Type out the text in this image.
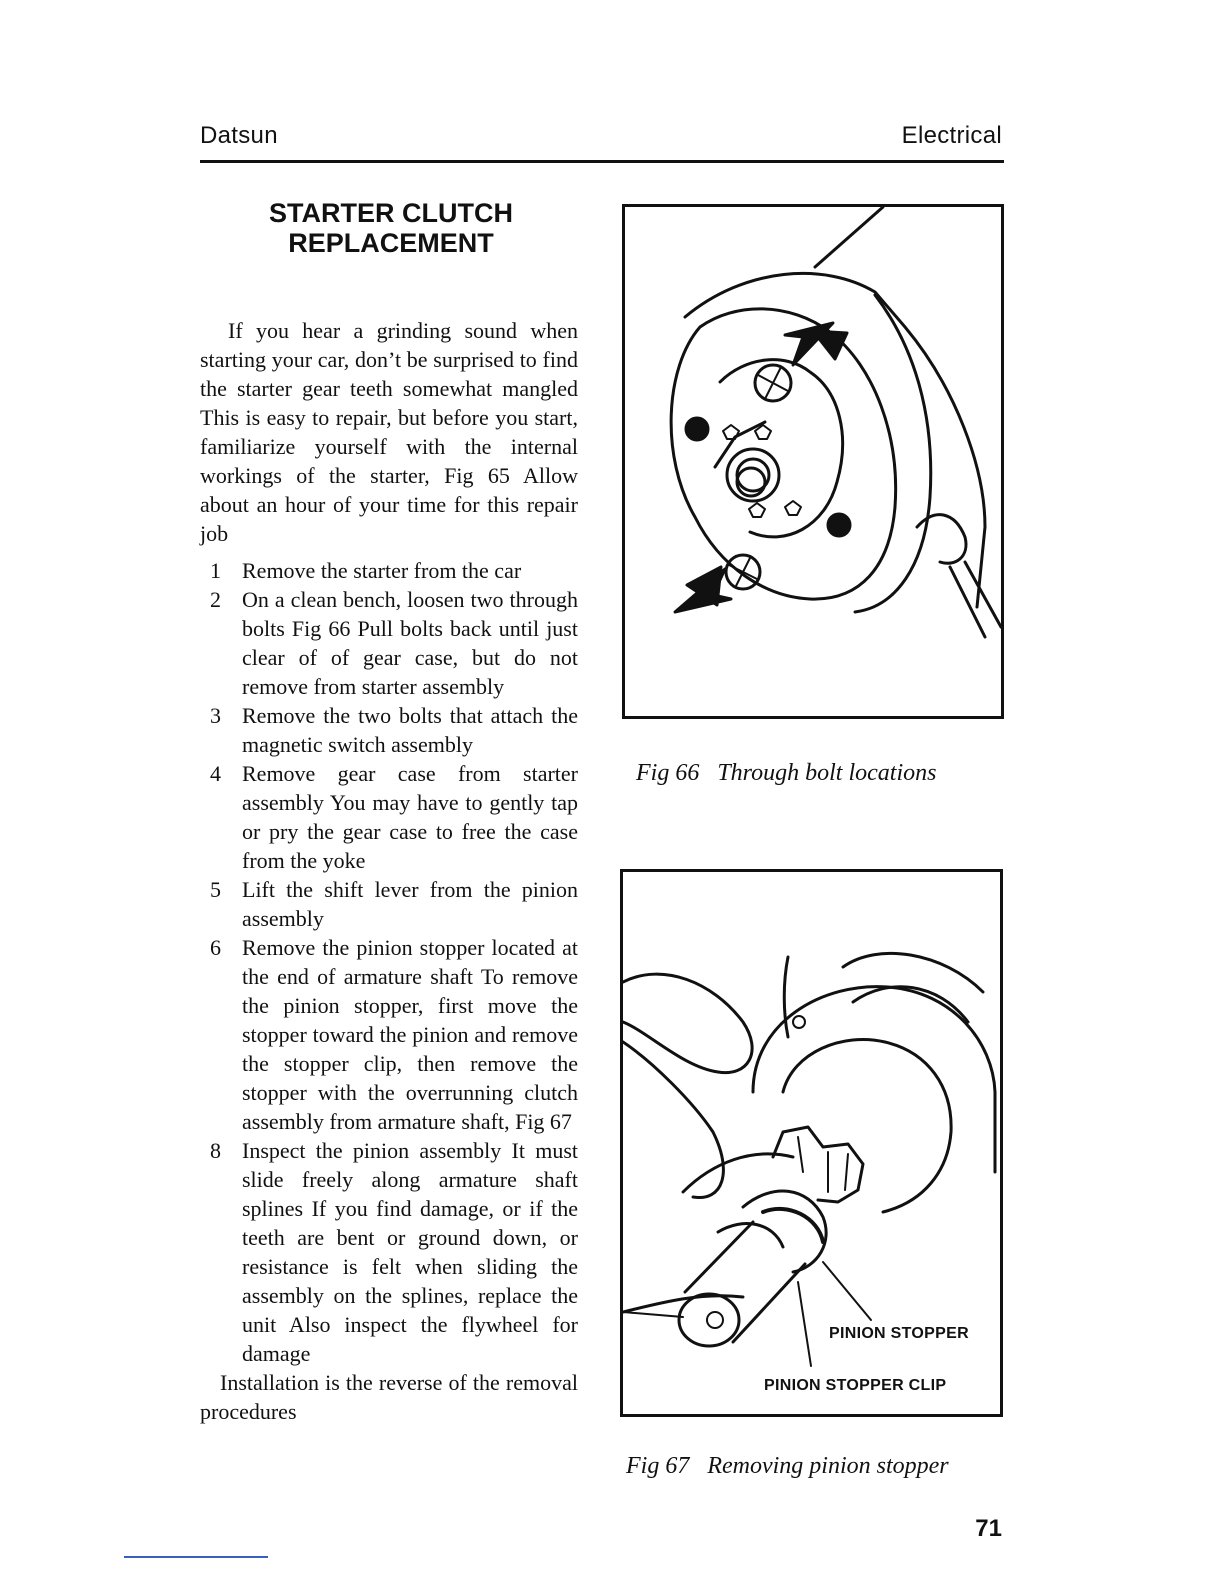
Datsun	Electrical
STARTER CLUTCH
REPLACEMENT

If you hear a grinding sound when starting your car, don’t be surprised to find the starter gear teeth somewhat mangled This is easy to repair, but before you start, familiarize yourself with the internal workings of the starter, Fig 65 Allow about an hour of your time for this repair job

1 Remove the starter from the car
2 On a clean bench, loosen two through bolts Fig 66 Pull bolts back until just clear of of gear case, but do not remove from starter assembly
3 Remove the two bolts that attach the magnetic switch assembly
4 Remove gear case from starter assembly You may have to gently tap or pry the gear case to free the case from the yoke
5 Lift the shift lever from the pinion assembly
6 Remove the pinion stopper located at the end of armature shaft To remove the pinion stopper, first move the stopper toward the pinion and remove the stopper clip, then remove the stopper with the overrunning clutch assembly from armature shaft, Fig 67
8 Inspect the pinion assembly It must slide freely along armature shaft splines If you find damage, or if the teeth are bent or ground down, or resistance is felt when sliding the assembly on the splines, replace the unit Also inspect the flywheel for damage

Installation is the reverse of the removal procedures

Fig 66   Through bolt locations
PINION STOPPER
PINION STOPPER CLIP
Fig 67   Removing pinion stopper
71
